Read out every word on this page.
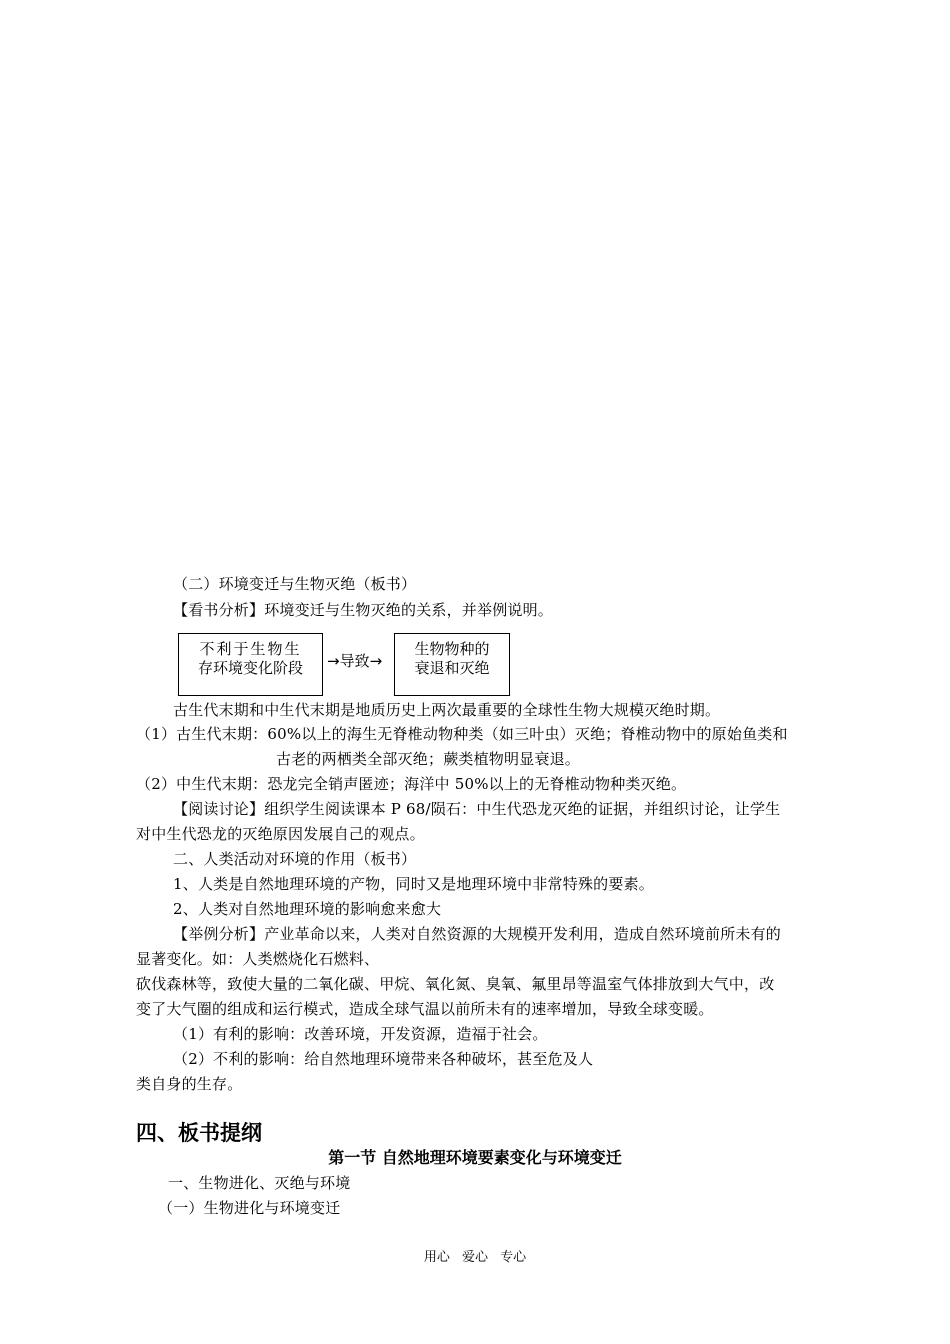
（二）环境变迁与生物灭绝（板书）
【看书分析】环境变迁与生物灭绝的关系，并举例说明。
不利于生物生
存环境变化阶段	→导致→
生物物种的
衰退和灭绝
古生代末期和中生代末期是地质历史上两次最重要的全球性生物大规模灭绝时期。
（1）古生代末期：60%以上的海生无脊椎动物种类（如三叶虫）灭绝；脊椎动物中的原始鱼类和
古老的两栖类全部灭绝；蕨类植物明显衰退。
（2）中生代末期：恐龙完全销声匿迹；海洋中 50%以上的无脊椎动物种类灭绝。
【阅读讨论】组织学生阅读课本 P 68/陨石：中生代恐龙灭绝的证据，并组织讨论，让学生
对中生代恐龙的灭绝原因发展自己的观点。
二、人类活动对环境的作用（板书）
1、人类是自然地理环境的产物，同时又是地理环境中非常特殊的要素。
2、人类对自然地理环境的影响愈来愈大
【举例分析】产业革命以来，人类对自然资源的大规模开发利用，造成自然环境前所未有的
显著变化。如：人类燃烧化石燃料、
砍伐森林等，致使大量的二氧化碳、甲烷、氧化氮、臭氧、氟里昂等温室气体排放到大气中，改
变了大气圈的组成和运行模式，造成全球气温以前所未有的速率增加，导致全球变暖。
（1）有利的影响：改善环境，开发资源，造福于社会。
（2）不利的影响：给自然地理环境带来各种破坏，甚至危及人
类自身的生存。
四、板书提纲
第一节 自然地理环境要素变化与环境变迁
一、生物进化、灭绝与环境
（一）生物进化与环境变迁
用心 爱心 专心
